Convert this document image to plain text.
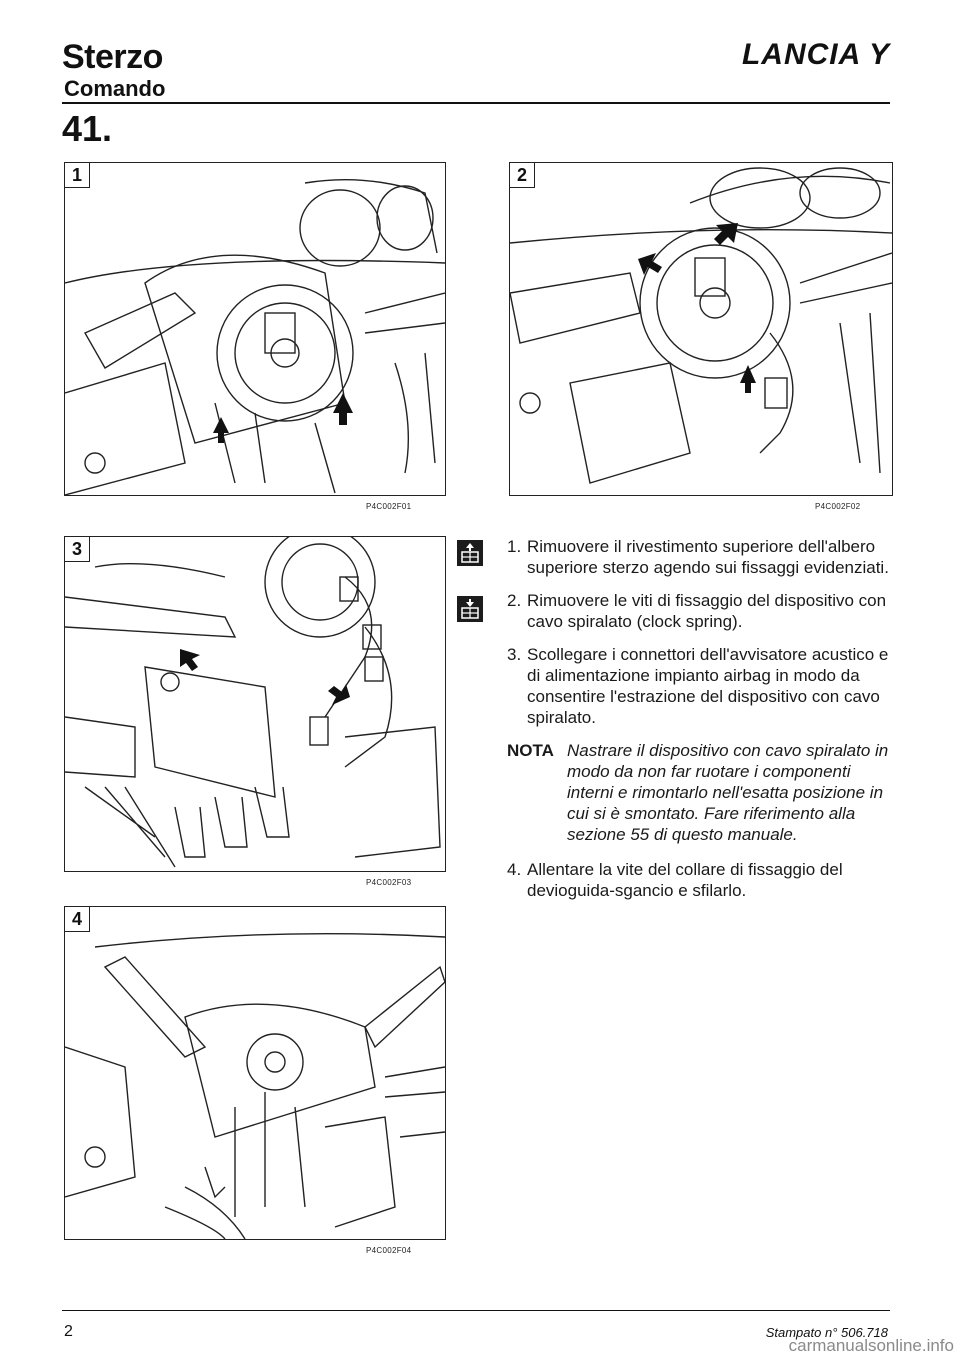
Sterzo
Comando
LANCIA Y
41.
1
P4C002F01
2
P4C002F02
3
P4C002F03
1. Rimuovere il rivestimento superiore dell'albero superiore sterzo agendo sui fissaggi evidenziati.
2. Rimuovere le viti di fissaggio del dispositivo con cavo spiralato (clock spring).
3. Scollegare i connettori dell'avvisatore acustico e di alimentazione impianto airbag in modo da consentire l'estrazione del dispositivo con cavo spiralato.
NOTA Nastrare il dispositivo con cavo spiralato in modo da non far ruotare i componenti interni e rimontarlo nell'esatta posizione in cui si è smontato. Fare riferimento alla sezione 55 di questo manuale.
4. Allentare la vite del collare di fissaggio del devioguida-sgancio e sfilarlo.
4
P4C002F04
2	Stampato n° 506.718
carmanualsonline.info
